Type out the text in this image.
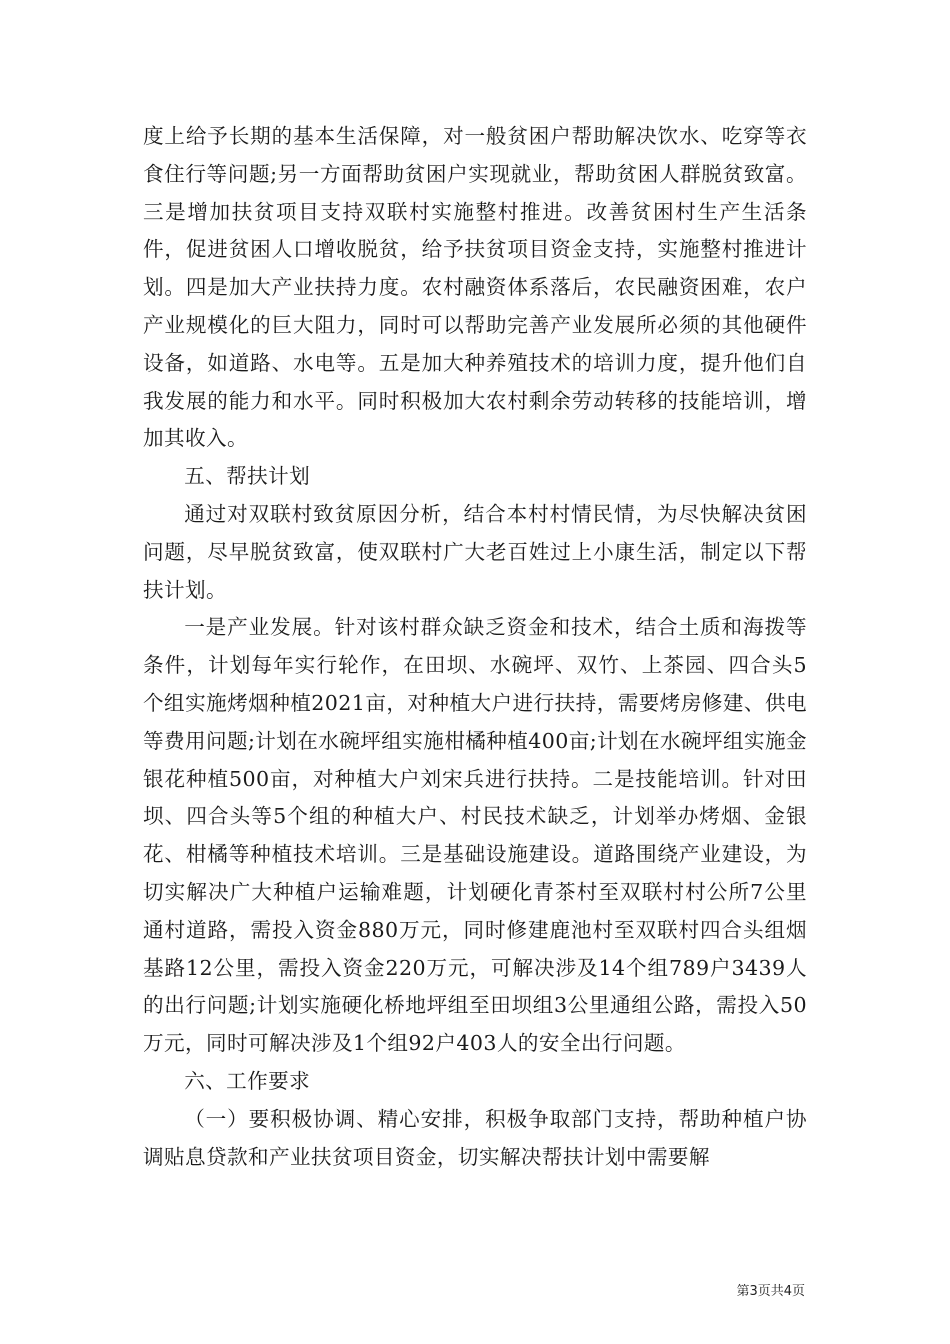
度上给予长期的基本生活保障，对一般贫困户帮助解决饮水、吃穿等衣食住行等问题;另一方面帮助贫困户实现就业，帮助贫困人群脱贫致富。三是增加扶贫项目支持双联村实施整村推进。改善贫困村生产生活条件，促进贫困人口增收脱贫，给予扶贫项目资金支持，实施整村推进计划。四是加大产业扶持力度。农村融资体系落后，农民融资困难，农户产业规模化的巨大阻力，同时可以帮助完善产业发展所必须的其他硬件设备，如道路、水电等。五是加大种养殖技术的培训力度，提升他们自我发展的能力和水平。同时积极加大农村剩余劳动转移的技能培训，增加其收入。

五、帮扶计划

通过对双联村致贫原因分析，结合本村村情民情，为尽快解决贫困问题，尽早脱贫致富，使双联村广大老百姓过上小康生活，制定以下帮扶计划。

一是产业发展。针对该村群众缺乏资金和技术，结合土质和海拨等条件，计划每年实行轮作，在田坝、水碗坪、双竹、上茶园、四合头5个组实施烤烟种植2021亩，对种植大户进行扶持，需要烤房修建、供电等费用问题;计划在水碗坪组实施柑橘种植400亩;计划在水碗坪组实施金银花种植500亩，对种植大户刘宋兵进行扶持。二是技能培训。针对田坝、四合头等5个组的种植大户、村民技术缺乏，计划举办烤烟、金银花、柑橘等种植技术培训。三是基础设施建设。道路围绕产业建设，为切实解决广大种植户运输难题，计划硬化青茶村至双联村村公所7公里通村道路，需投入资金880万元，同时修建鹿池村至双联村四合头组烟基路12公里，需投入资金220万元，可解决涉及14个组789户3439人的出行问题;计划实施硬化桥地坪组至田坝组3公里通组公路，需投入50万元，同时可解决涉及1个组92户403人的安全出行问题。

六、工作要求

（一）要积极协调、精心安排，积极争取部门支持，帮助种植户协调贴息贷款和产业扶贫项目资金，切实解决帮扶计划中需要解

第3页共4页
